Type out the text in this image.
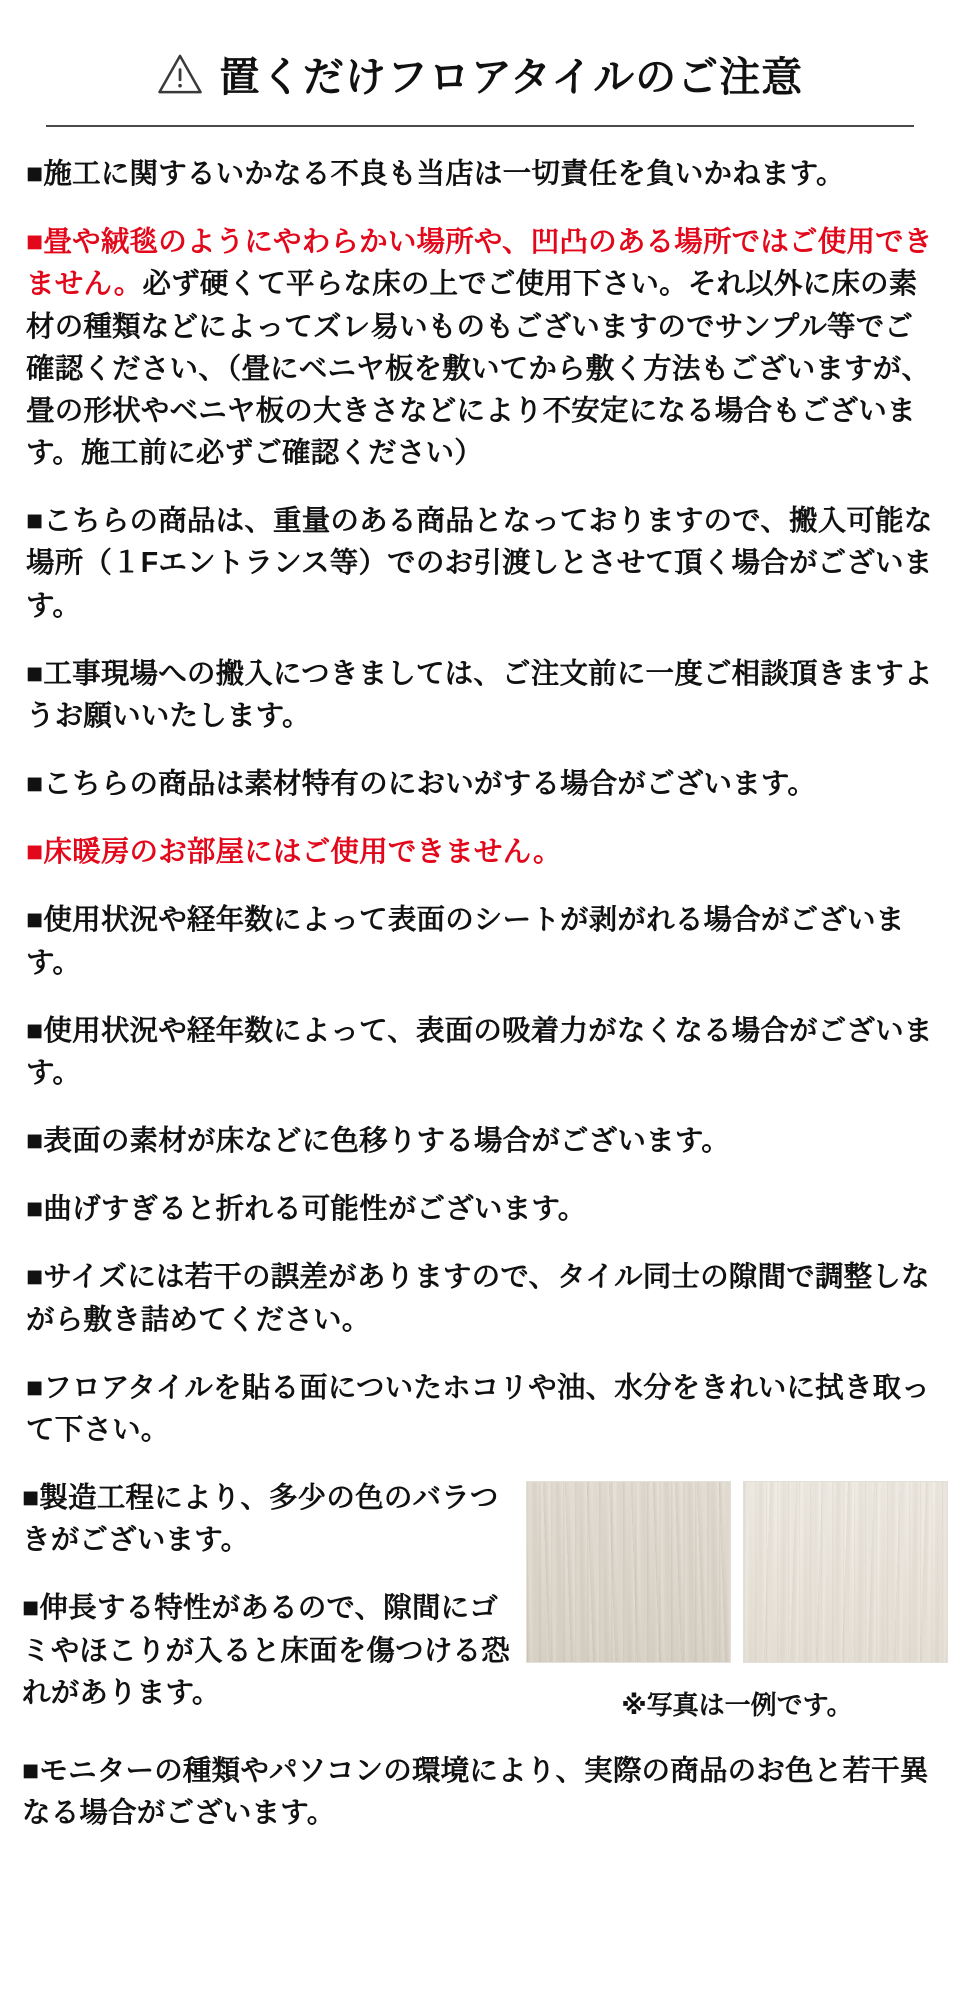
置くだけフロアタイルのご注意

■施工に関するいかなる不良も当店は一切責任を負いかねます。

■畳や絨毯のようにやわらかい場所や、凹凸のある場所ではご使用できません。必ず硬くて平らな床の上でご使用下さい。それ以外に床の素材の種類などによってズレ易いものもございますのでサンプル等でご確認ください、（畳にベニヤ板を敷いてから敷く方法もございますが、畳の形状やベニヤ板の大きさなどにより不安定になる場合もございます。施工前に必ずご確認ください）

■こちらの商品は、重量のある商品となっておりますので、搬入可能な場所（１Fエントランス等）でのお引渡しとさせて頂く場合がございます。

■工事現場への搬入につきましては、ご注文前に一度ご相談頂きますようお願いいたします。

■こちらの商品は素材特有のにおいがする場合がございます。

■床暖房のお部屋にはご使用できません。

■使用状況や経年数によって表面のシートが剥がれる場合がございます。

■使用状況や経年数によって、表面の吸着力がなくなる場合がございます。

■表面の素材が床などに色移りする場合がございます。

■曲げすぎると折れる可能性がございます。

■サイズには若干の誤差がありますので、タイル同士の隙間で調整しながら敷き詰めてください。

■フロアタイルを貼る面についたホコリや油、水分をきれいに拭き取って下さい。

■製造工程により、多少の色のバラつきがございます。

■伸長する特性があるので、隙間にゴミやほこりが入ると床面を傷つける恐れがあります。	※写真は一例です。

■モニターの種類やパソコンの環境により、実際の商品のお色と若干異なる場合がございます。
